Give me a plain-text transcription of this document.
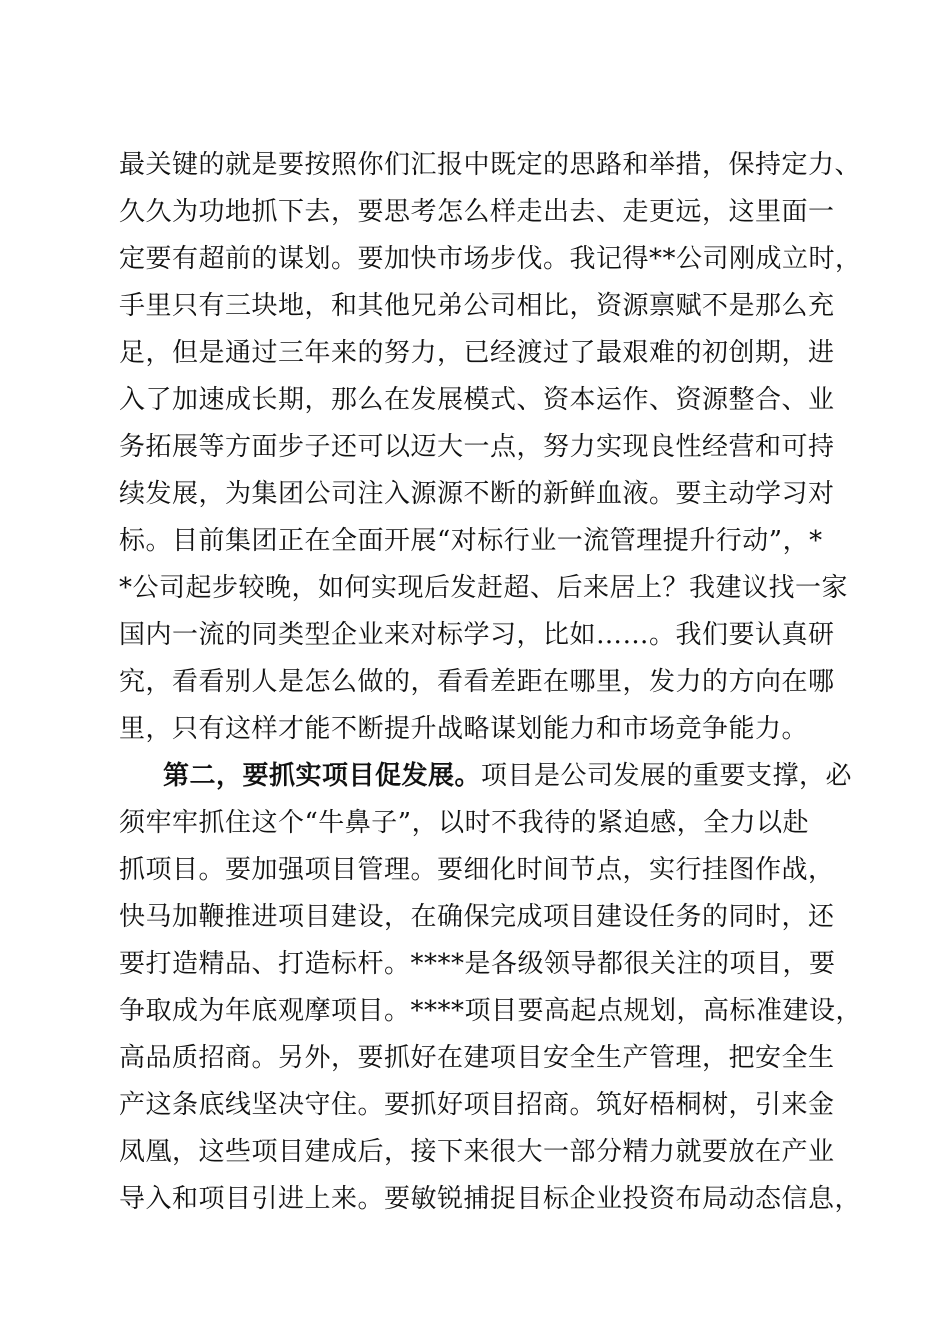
最关键的就是要按照你们汇报中既定的思路和举措，保持定力、
久久为功地抓下去，要思考怎么样走出去、走更远，这里面一
定要有超前的谋划。要加快市场步伐。我记得**公司刚成立时，
手里只有三块地，和其他兄弟公司相比，资源禀赋不是那么充
足，但是通过三年来的努力，已经渡过了最艰难的初创期，进
入了加速成长期，那么在发展模式、资本运作、资源整合、业
务拓展等方面步子还可以迈大一点，努力实现良性经营和可持
续发展，为集团公司注入源源不断的新鲜血液。要主动学习对
标。目前集团正在全面开展“对标行业一流管理提升行动”，*
*公司起步较晚，如何实现后发赶超、后来居上？我建议找一家
国内一流的同类型企业来对标学习，比如……。我们要认真研
究，看看别人是怎么做的，看看差距在哪里，发力的方向在哪
里，只有这样才能不断提升战略谋划能力和市场竞争能力。
第二，要抓实项目促发展。项目是公司发展的重要支撑，必
须牢牢抓住这个“牛鼻子”，以时不我待的紧迫感，全力以赴
抓项目。要加强项目管理。要细化时间节点，实行挂图作战，
快马加鞭推进项目建设，在确保完成项目建设任务的同时，还
要打造精品、打造标杆。****是各级领导都很关注的项目，要
争取成为年底观摩项目。****项目要高起点规划，高标准建设，
高品质招商。另外，要抓好在建项目安全生产管理，把安全生
产这条底线坚决守住。要抓好项目招商。筑好梧桐树，引来金
凤凰，这些项目建成后，接下来很大一部分精力就要放在产业
导入和项目引进上来。要敏锐捕捉目标企业投资布局动态信息，
